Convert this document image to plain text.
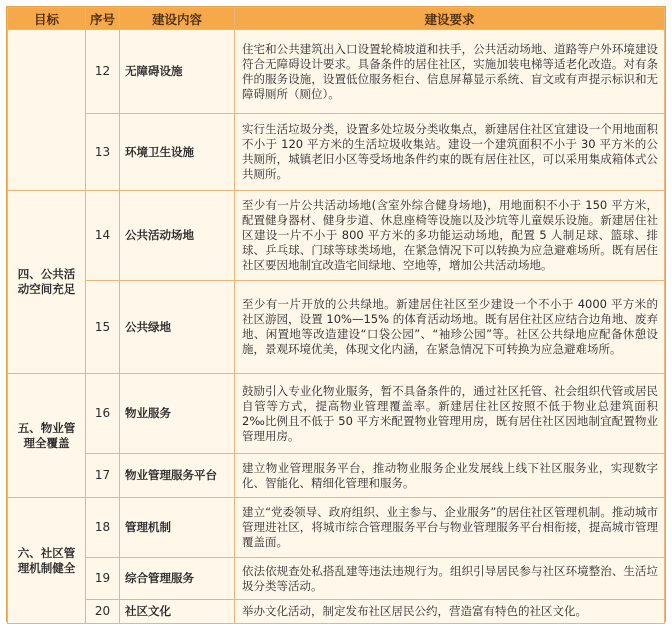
目标	序号	建设内容	建设要求
	12	无障碍设施	住宅和公共建筑出入口设置轮椅坡道和扶手，公共活动场地、道路等户外环境建设符合无障碍设计要求。具备条件的居住社区，实施加装电梯等适老化改造。对有条件的服务设施，设置低位服务柜台、信息屏幕显示系统、盲文或有声提示标识和无障碍厕所（厕位）。
	13	环境卫生设施	实行生活垃圾分类，设置多处垃圾分类收集点，新建居住社区宜建设一个用地面积不小于 120 平方米的生活垃圾收集站。建设一个建筑面积不小于 30 平方米的公共厕所，城镇老旧小区等受场地条件约束的既有居住社区，可以采用集成箱体式公共厕所。
四、公共活动空间充足	14	公共活动场地	至少有一片公共活动场地(含室外综合健身场地)，用地面积不小于 150 平方米，配置健身器材、健身步道、休息座椅等设施以及沙坑等儿童娱乐设施。新建居住社区建设一片不小于 800 平方米的多功能运动场地，配置 5 人制足球、篮球、排球、乒乓球、门球等球类场地，在紧急情况下可以转换为应急避难场所。既有居住社区要因地制宜改造宅间绿地、空地等，增加公共活动场地。
	15	公共绿地	至少有一片开放的公共绿地。新建居住社区至少建设一个不小于 4000 平方米的社区游园，设置 10%—15% 的体育活动场地。既有居住社区应结合边角地、废弃地、闲置地等改造建设“口袋公园”、“袖珍公园”等。社区公共绿地应配备休憩设施，景观环境优美，体现文化内涵，在紧急情况下可转换为应急避难场所。
五、物业管理全覆盖	16	物业服务	鼓励引入专业化物业服务，暂不具备条件的，通过社区托管、社会组织代管或居民自管等方式，提高物业管理覆盖率。新建居住社区按照不低于物业总建筑面积 2‰比例且不低于 50 平方米配置物业管理用房，既有居住社区因地制宜配置物业管理用房。
	17	物业管理服务平台	建立物业管理服务平台，推动物业服务企业发展线上线下社区服务业，实现数字化、智能化、精细化管理和服务。
六、社区管理机制健全	18	管理机制	建立“党委领导、政府组织、业主参与、企业服务”的居住社区管理机制。推动城市管理进社区，将城市综合管理服务平台与物业管理服务平台相衔接，提高城市管理覆盖面。
	19	综合管理服务	依法依规查处私搭乱建等违法违规行为。组织引导居民参与社区环境整治、生活垃圾分类等活动。
	20	社区文化	举办文化活动，制定发布社区居民公约，营造富有特色的社区文化。
